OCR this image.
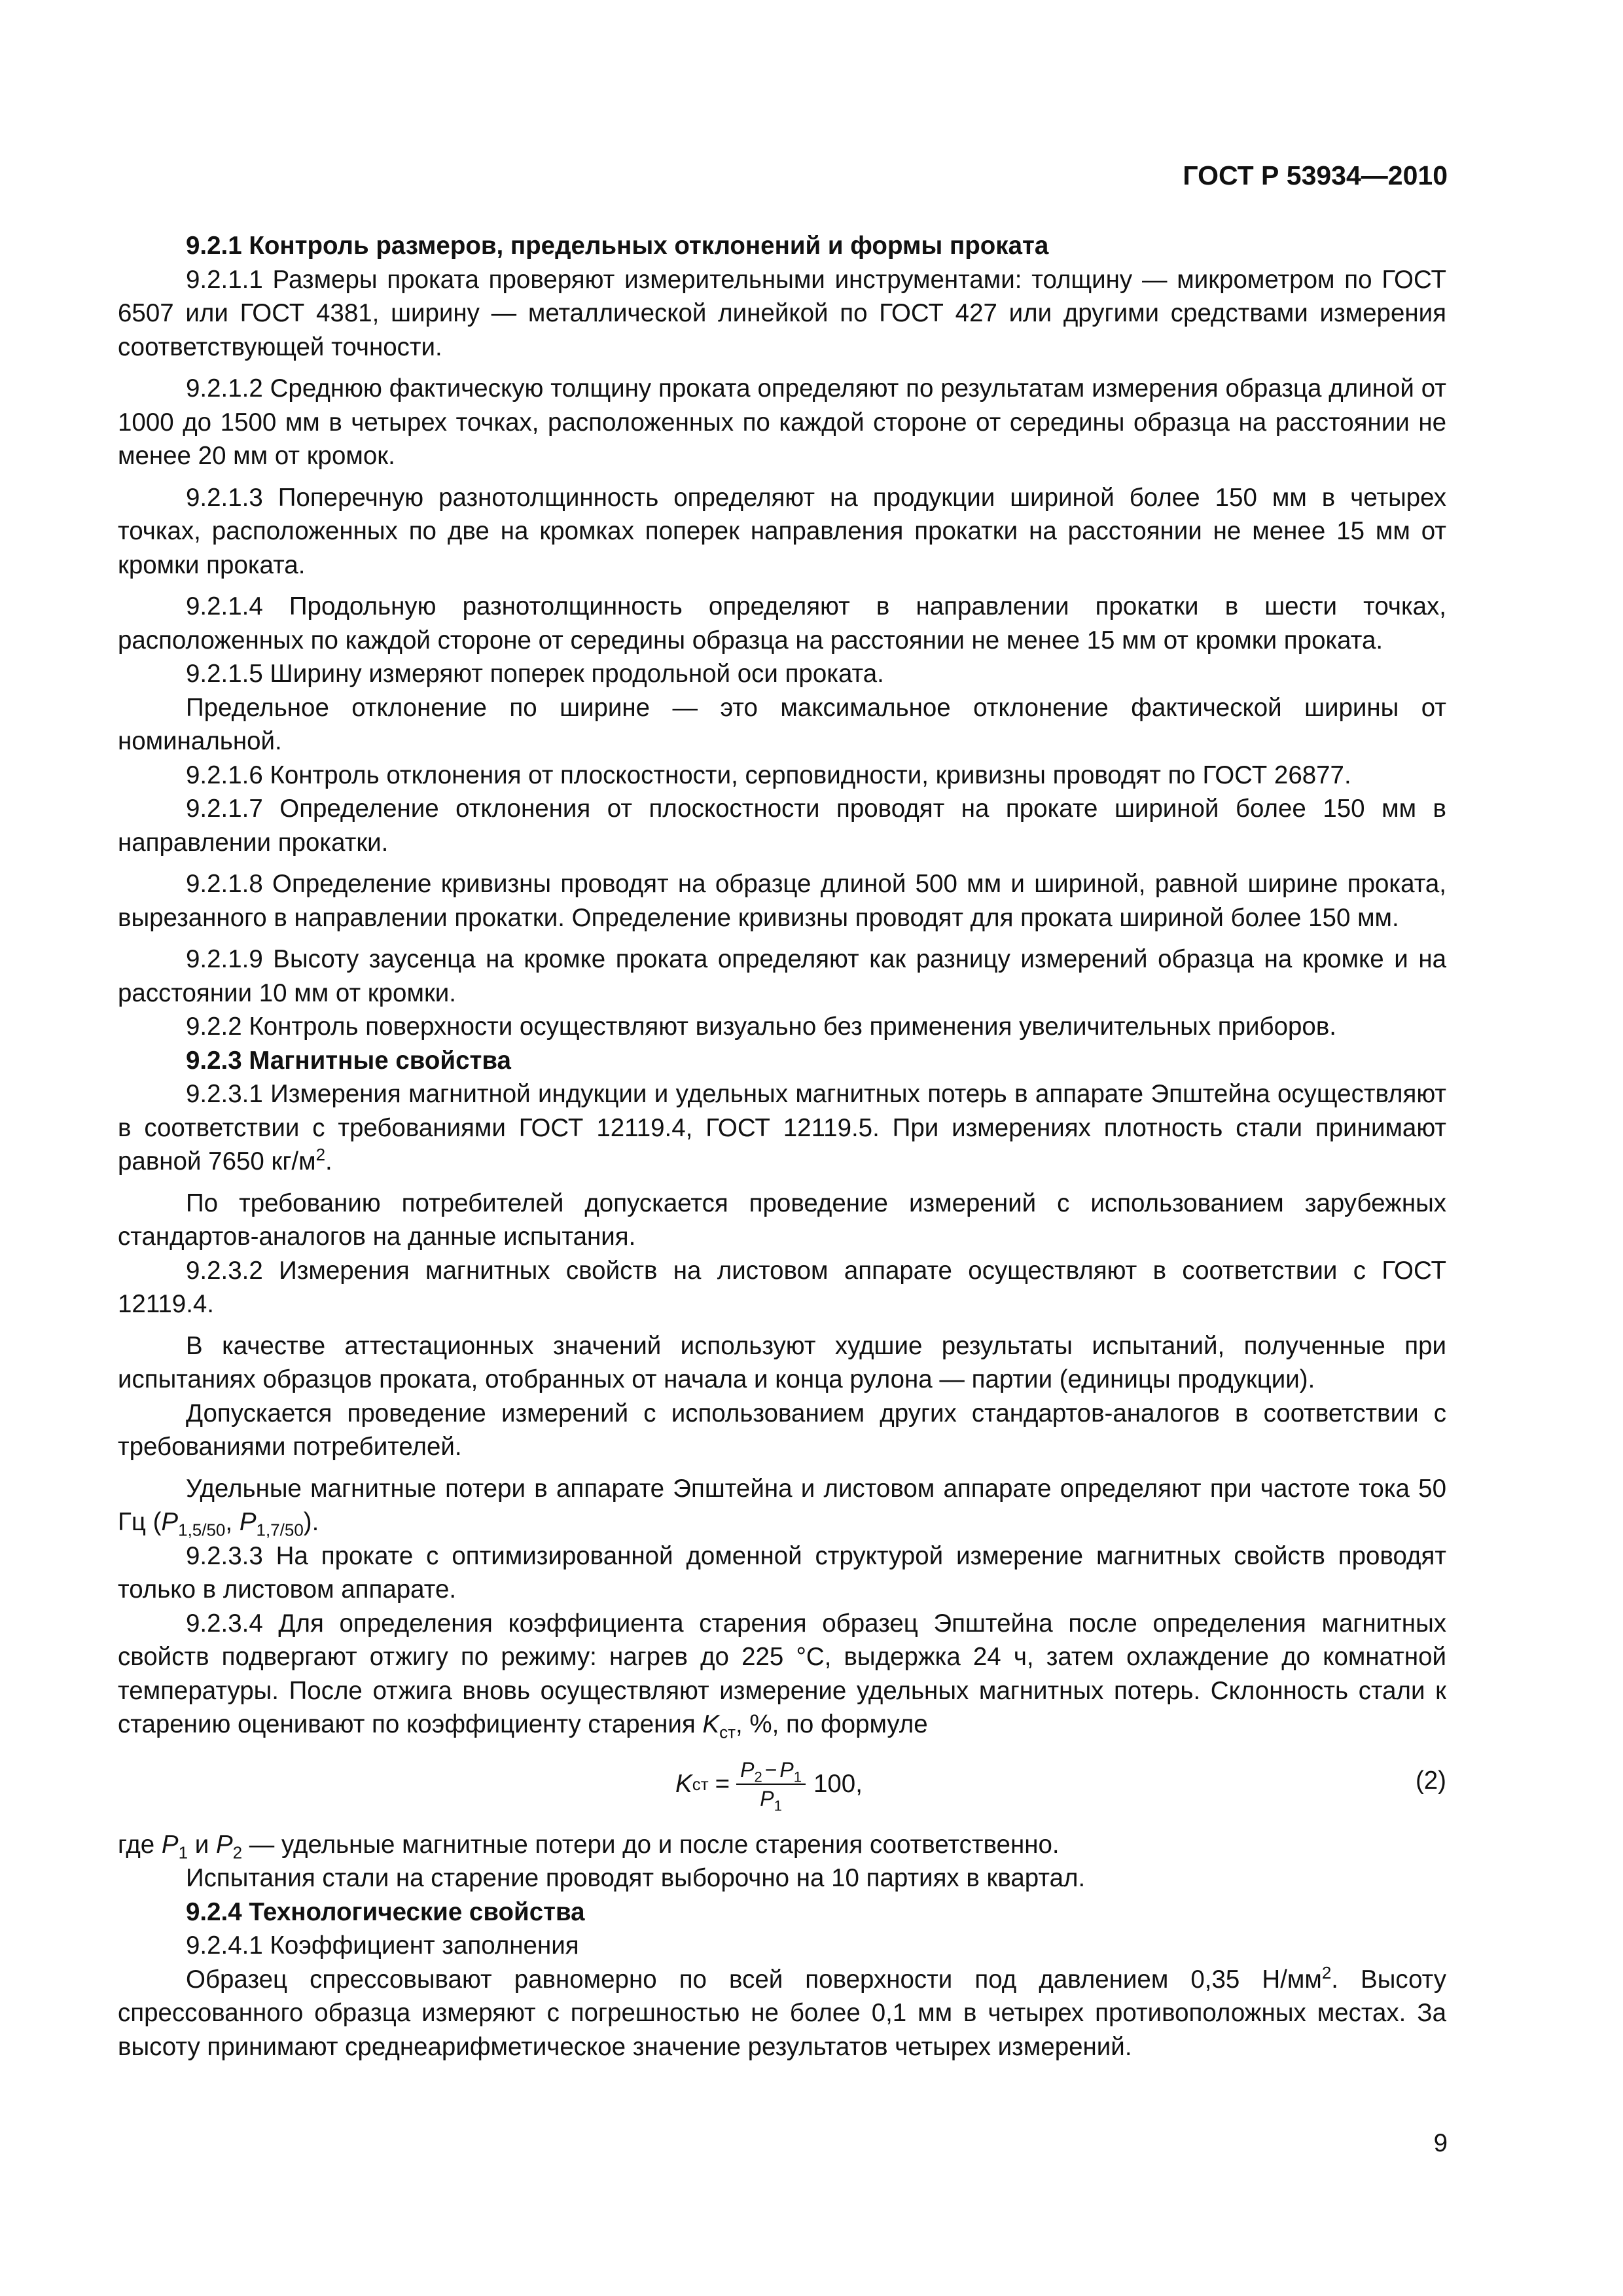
ГОСТ Р 53934—2010

9.2.1 Контроль размеров, предельных отклонений и формы проката

9.2.1.1 Размеры проката проверяют измерительными инструментами: толщину — микрометром по ГОСТ 6507 или ГОСТ 4381, ширину — металлической линейкой по ГОСТ 427 или другими средствами измерения соответствующей точности.

9.2.1.2 Среднюю фактическую толщину проката определяют по результатам измерения образца длиной от 1000 до 1500 мм в четырех точках, расположенных по каждой стороне от середины образца на расстоянии не менее 20 мм от кромок.

9.2.1.3 Поперечную разнотолщинность определяют на продукции шириной более 150 мм в четырех точках, расположенных по две на кромках поперек направления прокатки на расстоянии не менее 15 мм от кромки проката.

9.2.1.4 Продольную разнотолщинность определяют в направлении прокатки в шести точках, расположенных по каждой стороне от середины образца на расстоянии не менее 15 мм от кромки проката.

9.2.1.5 Ширину измеряют поперек продольной оси проката.

Предельное отклонение по ширине — это максимальное отклонение фактической ширины от номинальной.

9.2.1.6 Контроль отклонения от плоскостности, серповидности, кривизны проводят по ГОСТ 26877.

9.2.1.7 Определение отклонения от плоскостности проводят на прокате шириной более 150 мм в направлении прокатки.

9.2.1.8 Определение кривизны проводят на образце длиной 500 мм и шириной, равной ширине проката, вырезанного в направлении прокатки. Определение кривизны проводят для проката шириной более 150 мм.

9.2.1.9 Высоту заусенца на кромке проката определяют как разницу измерений образца на кромке и на расстоянии 10 мм от кромки.

9.2.2 Контроль поверхности осуществляют визуально без применения увеличительных приборов.

9.2.3 Магнитные свойства

9.2.3.1 Измерения магнитной индукции и удельных магнитных потерь в аппарате Эпштейна осуществляют в соответствии с требованиями ГОСТ 12119.4, ГОСТ 12119.5. При измерениях плотность стали принимают равной 7650 $кг/м^2$.

По требованию потребителей допускается проведение измерений с использованием зарубежных стандартов-аналогов на данные испытания.

9.2.3.2 Измерения магнитных свойств на листовом аппарате осуществляют в соответствии с ГОСТ 12119.4.

В качестве аттестационных значений используют худшие результаты испытаний, полученные при испытаниях образцов проката, отобранных от начала и конца рулона — партии (единицы продукции).

Допускается проведение измерений с использованием других стандартов-аналогов в соответствии с требованиями потребителей.

Удельные магнитные потери в аппарате Эпштейна и листовом аппарате определяют при частоте тока 50 Гц ($P_{1,5/50}$, $P_{1,7/50}$).

9.2.3.3 На прокате с оптимизированной доменной структурой измерение магнитных свойств проводят только в листовом аппарате.

9.2.3.4 Для определения коэффициента старения образец Эпштейна после определения магнитных свойств подвергают отжигу по режиму: нагрев до 225 °С, выдержка 24 ч, затем охлаждение до комнатной температуры. После отжига вновь осуществляют измерение удельных магнитных потерь. Склонность стали к старению оценивают по коэффициенту старения $K_{ст}$, %, по формуле

K ст = $\frac{P_2 - P_1}{P_1} 100$,	(2)

где $P_1$ и $P_2$ — удельные магнитные потери до и после старения соответственно.

Испытания стали на старение проводят выборочно на 10 партиях в квартал.

9.2.4 Технологические свойства

9.2.4.1 Коэффициент заполнения

Образец спрессовывают равномерно по всей поверхности под давлением 0,35 $Н/мм^2$. Высоту спрессованного образца измеряют с погрешностью не более 0,1 мм в четырех противоположных местах. За высоту принимают среднеарифметическое значение результатов четырех измерений.

9
